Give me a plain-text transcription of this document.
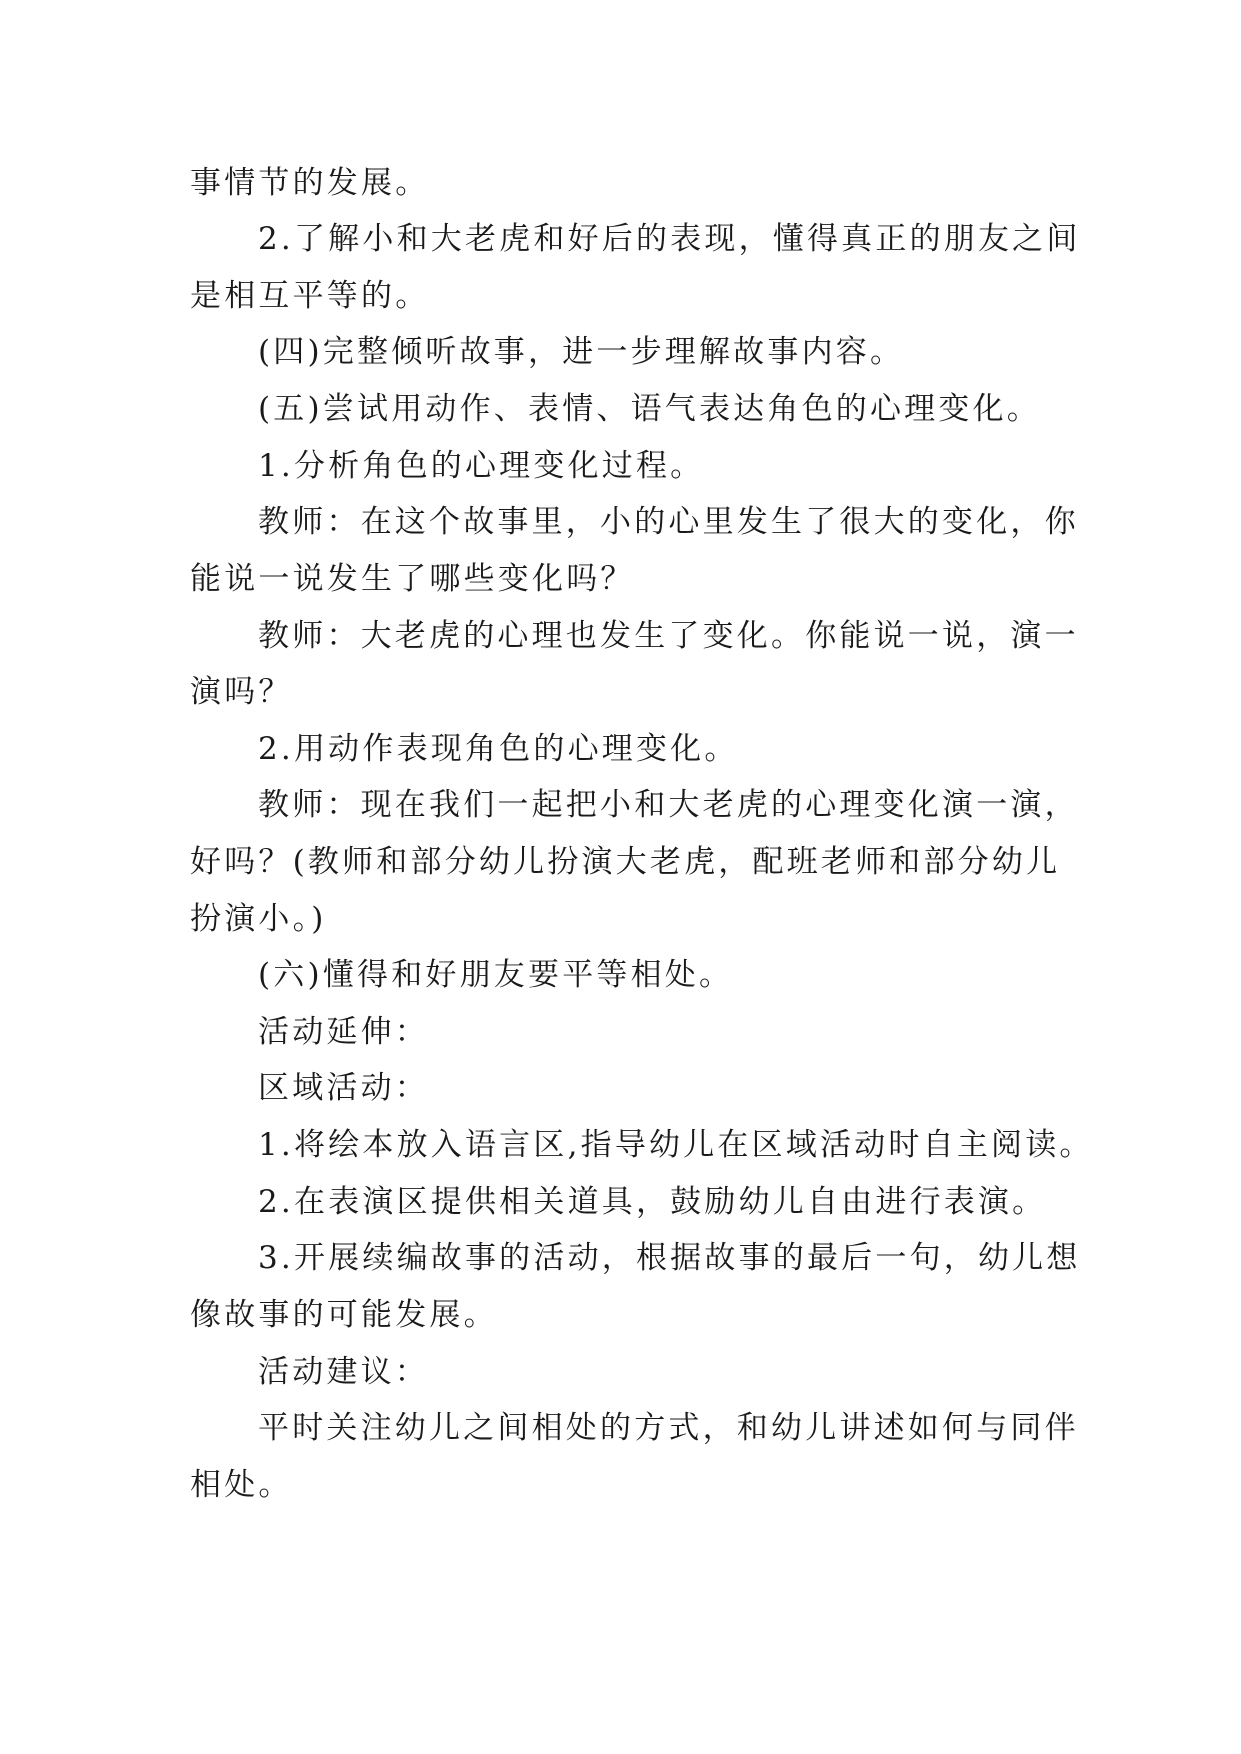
事情节的发展。
2.了解小和大老虎和好后的表现，懂得真正的朋友之间
是相互平等的。
(四)完整倾听故事，进一步理解故事内容。
(五)尝试用动作、表情、语气表达角色的心理变化。
1.分析角色的心理变化过程。
教师：在这个故事里，小的心里发生了很大的变化，你
能说一说发生了哪些变化吗？
教师：大老虎的心理也发生了变化。你能说一说，演一
演吗？
2.用动作表现角色的心理变化。
教师：现在我们一起把小和大老虎的心理变化演一演，
好吗？(教师和部分幼儿扮演大老虎，配班老师和部分幼儿
扮演小。)
(六)懂得和好朋友要平等相处。
活动延伸：
区域活动：
1.将绘本放入语言区,指导幼儿在区域活动时自主阅读。
2.在表演区提供相关道具，鼓励幼儿自由进行表演。
3.开展续编故事的活动，根据故事的最后一句，幼儿想
像故事的可能发展。
活动建议：
平时关注幼儿之间相处的方式，和幼儿讲述如何与同伴
相处。
